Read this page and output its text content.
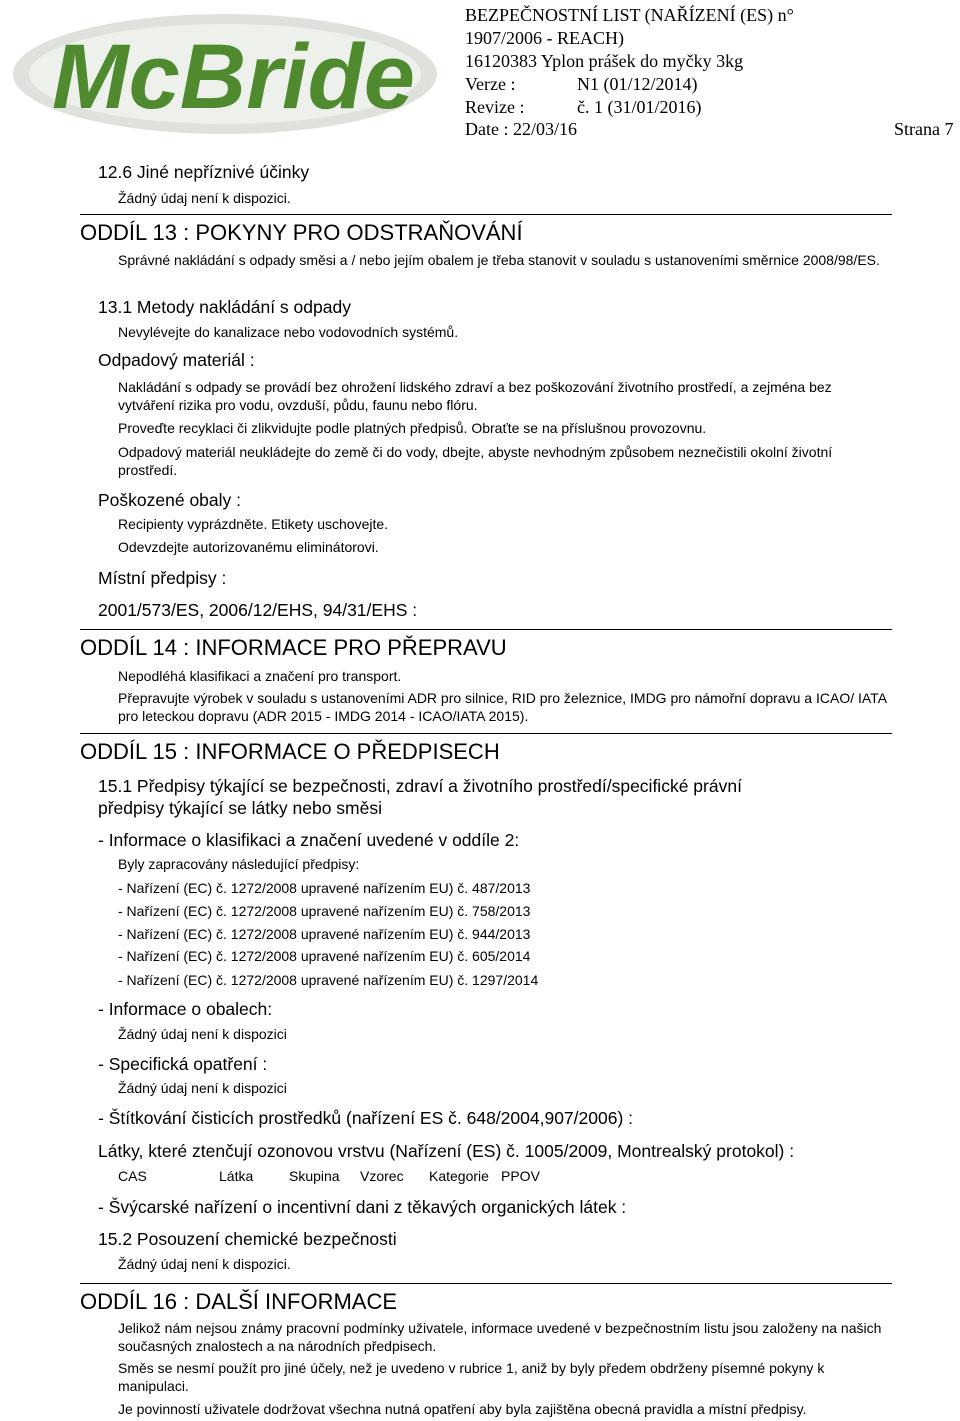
McBride
BEZPEČNOSTNÍ LIST (NAŘÍZENÍ (ES) n°
1907/2006 - REACH)
16120383 Yplon prášek do myčky 3kg
Verze :	N1 (01/12/2014)
Revize :	č. 1 (31/01/2016)
Date : 22/03/16	Strana 7
12.6 Jiné nepříznivé účinky
Žádný údaj není k dispozici.
ODDÍL 13 : POKYNY PRO ODSTRAŇOVÁNÍ
Správné nakládání s odpady směsi a / nebo jejím obalem je třeba stanovit v souladu s ustanoveními směrnice 2008/98/ES.
13.1 Metody nakládání s odpady
Nevylévejte do kanalizace nebo vodovodních systémů.
Odpadový materiál :
Nakládání s odpady se provádí bez ohrožení lidského zdraví a bez poškozování životního prostředí, a zejména bez vytváření rizika pro vodu, ovzduší, půdu, faunu nebo flóru.
Proveďte recyklaci či zlikvidujte podle platných předpisů. Obraťte se na příslušnou provozovnu.
Odpadový materiál neukládejte do země či do vody, dbejte, abyste nevhodným způsobem neznečistili okolní životní prostředí.
Poškozené obaly :
Recipienty vyprázdněte. Etikety uschovejte.
Odevzdejte autorizovanému eliminátorovi.
Místní předpisy :
2001/573/ES, 2006/12/EHS, 94/31/EHS :
ODDÍL 14 : INFORMACE PRO PŘEPRAVU
Nepodléhá klasifikaci a značení pro transport.
Přepravujte výrobek v souladu s ustanoveními ADR pro silnice, RID pro železnice, IMDG pro námořní dopravu a ICAO/ IATA pro leteckou dopravu (ADR 2015 - IMDG 2014 - ICAO/IATA 2015).
ODDÍL 15 : INFORMACE O PŘEDPISECH
15.1 Předpisy týkající se bezpečnosti, zdraví a životního prostředí/specifické právní
předpisy týkající se látky nebo směsi
- Informace o klasifikaci a značení uvedené v oddíle 2:
Byly zapracovány následující předpisy:
- Nařízení (EC) č. 1272/2008 upravené nařízením EU) č. 487/2013
- Nařízení (EC) č. 1272/2008 upravené nařízením EU) č. 758/2013
- Nařízení (EC) č. 1272/2008 upravené nařízením EU) č. 944/2013
- Nařízení (EC) č. 1272/2008 upravené nařízením EU) č. 605/2014
- Nařízení (EC) č. 1272/2008 upravené nařízením EU) č. 1297/2014
- Informace o obalech:
Žádný údaj není k dispozici
- Specifická opatření :
Žádný údaj není k dispozici
- Štítkování čisticích prostředků (nařízení ES č. 648/2004,907/2006) :
Látky, které ztenčují ozonovou vrstvu (Nařízení (ES) č. 1005/2009, Montrealský protokol) :
CAS	Látka	Skupina Vzorec Kategorie PPOV
- Švýcarské nařízení o incentivní dani z těkavých organických látek :
15.2 Posouzení chemické bezpečnosti
Žádný údaj není k dispozici.
ODDÍL 16 : DALŠÍ INFORMACE
Jelikož nám nejsou známy pracovní podmínky uživatele, informace uvedené v bezpečnostním listu jsou založeny na našich současných znalostech a na národních předpisech.
Směs se nesmí použít pro jiné účely, než je uvedeno v rubrice 1, aniž by byly předem obdrženy písemné pokyny k manipulaci.
Je povinností uživatele dodržovat všechna nutná opatření aby byla zajištěna obecná pravidla a místní předpisy.
